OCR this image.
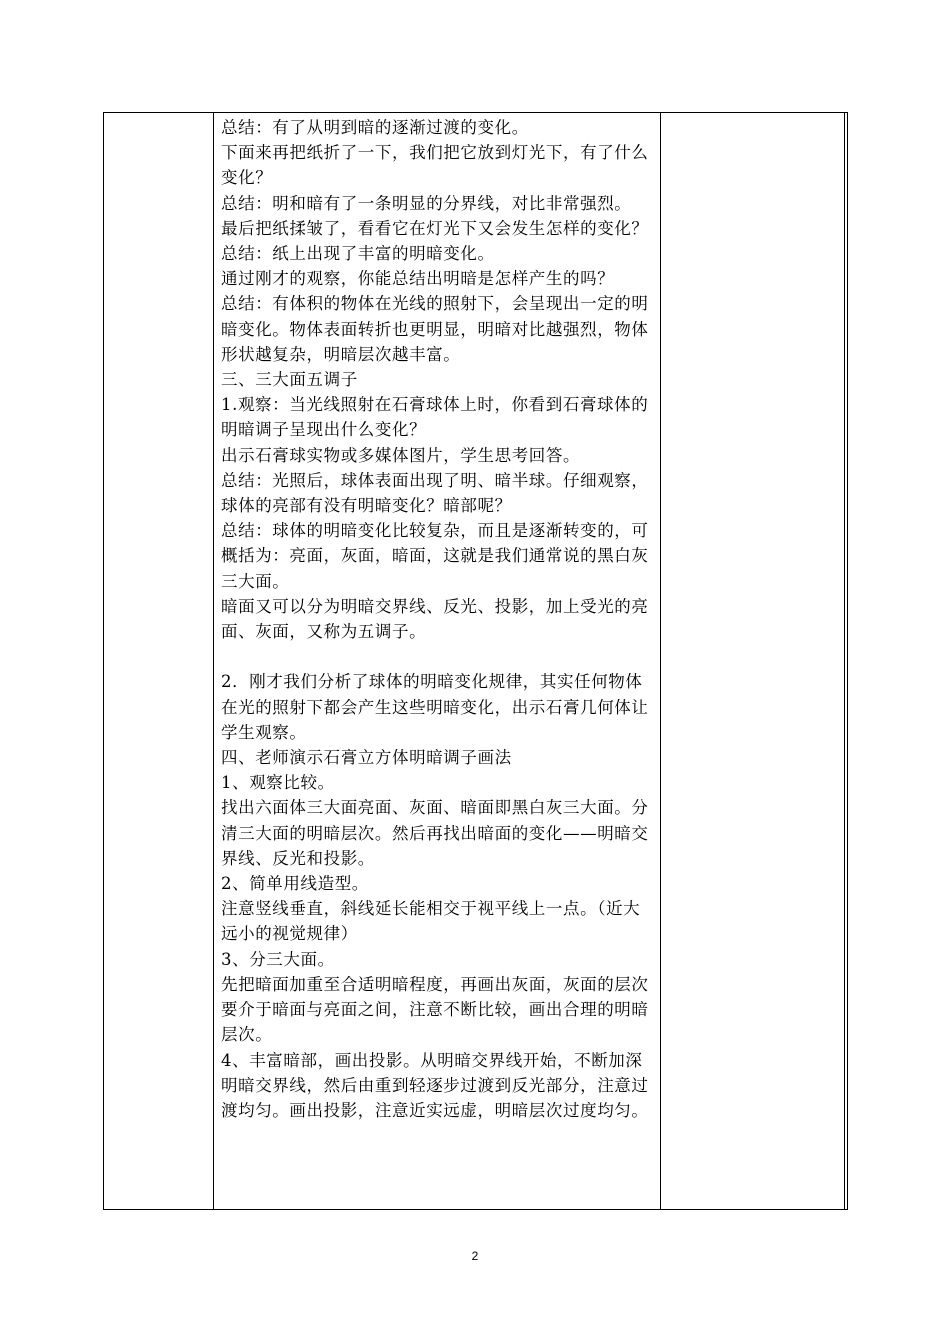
总结：有了从明到暗的逐渐过渡的变化。

下面来再把纸折了一下，我们把它放到灯光下，有了什么变化？

总结：明和暗有了一条明显的分界线，对比非常强烈。

最后把纸揉皱了，看看它在灯光下又会发生怎样的变化？

总结：纸上出现了丰富的明暗变化。

通过刚才的观察，你能总结出明暗是怎样产生的吗？

总结：有体积的物体在光线的照射下，会呈现出一定的明暗变化。物体表面转折也更明显，明暗对比越强烈，物体形状越复杂，明暗层次越丰富。

三、三大面五调子

1.观察：当光线照射在石膏球体上时，你看到石膏球体的明暗调子呈现出什么变化？

出示石膏球实物或多媒体图片，学生思考回答。

总结：光照后，球体表面出现了明、暗半球。仔细观察，球体的亮部有没有明暗变化？暗部呢？

总结：球体的明暗变化比较复杂，而且是逐渐转变的，可概括为：亮面，灰面，暗面，这就是我们通常说的黑白灰三大面。

暗面又可以分为明暗交界线、反光、投影，加上受光的亮面、灰面，又称为五调子。

2．刚才我们分析了球体的明暗变化规律，其实任何物体在光的照射下都会产生这些明暗变化，出示石膏几何体让学生观察。

四、老师演示石膏立方体明暗调子画法

1、观察比较。

找出六面体三大面亮面、灰面、暗面即黑白灰三大面。分清三大面的明暗层次。然后再找出暗面的变化——明暗交界线、反光和投影。

2、简单用线造型。

注意竖线垂直，斜线延长能相交于视平线上一点。（近大远小的视觉规律）

3、分三大面。

先把暗面加重至合适明暗程度，再画出灰面，灰面的层次要介于暗面与亮面之间，注意不断比较，画出合理的明暗层次。

4、丰富暗部，画出投影。从明暗交界线开始，不断加深明暗交界线，然后由重到轻逐步过渡到反光部分，注意过渡均匀。画出投影，注意近实远虚，明暗层次过度均匀。

2
